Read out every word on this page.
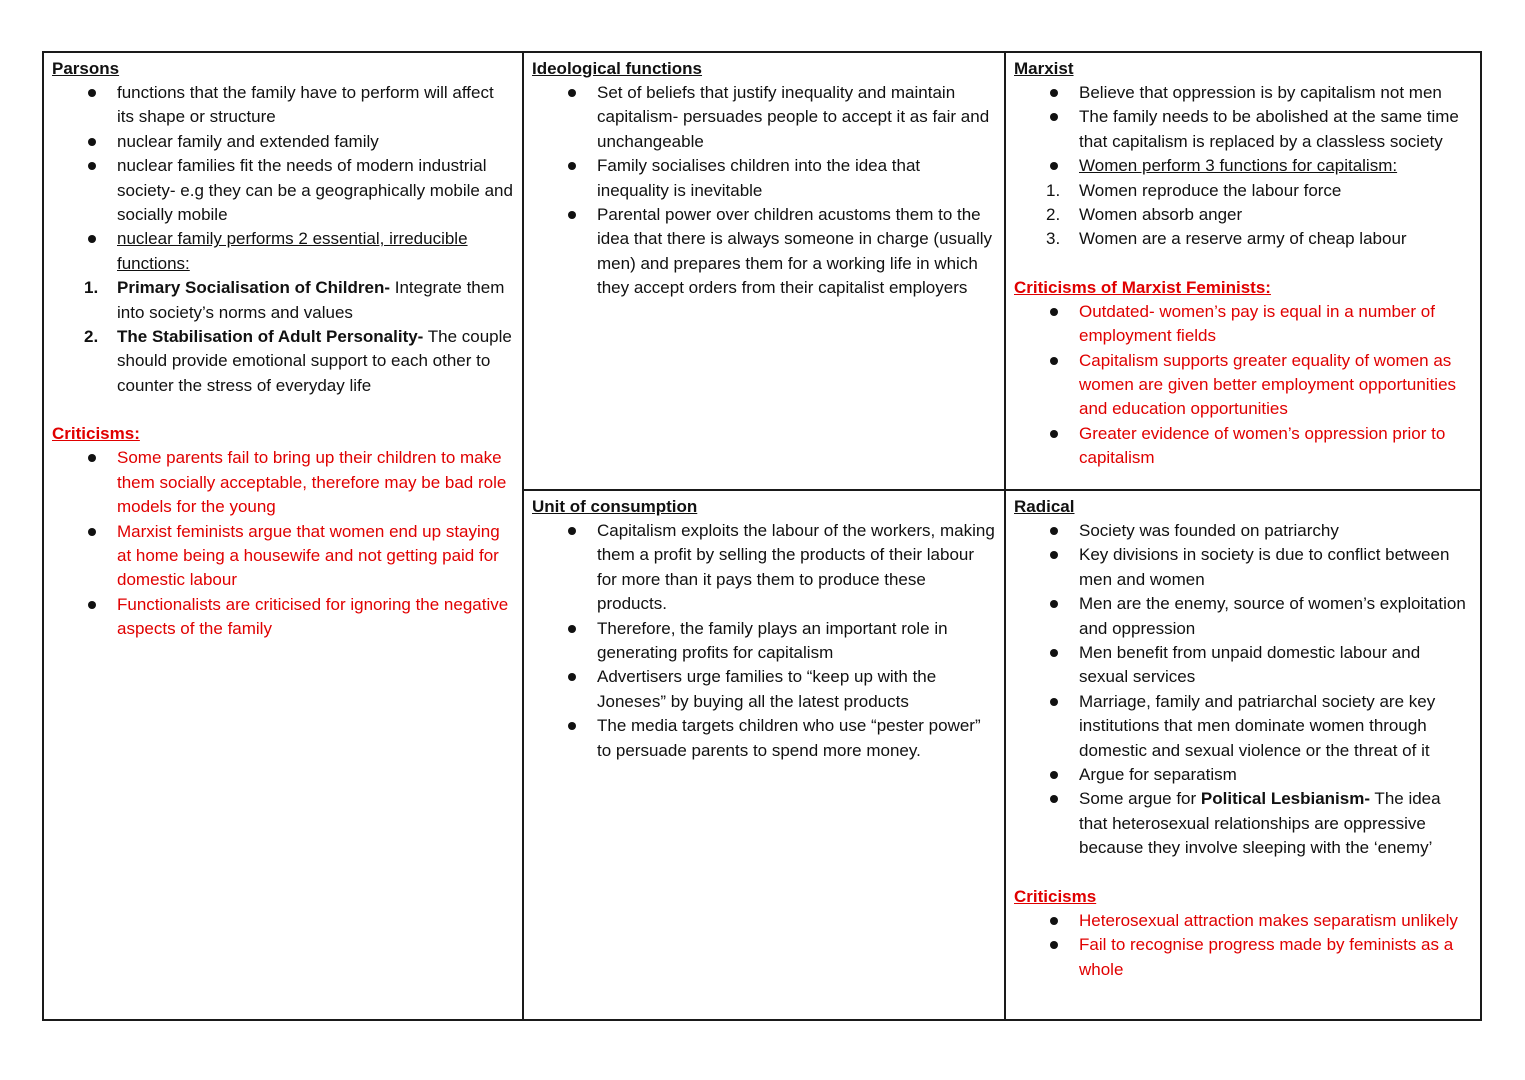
Parsons

functions that the family have to perform will affect its shape or structure
nuclear family and extended family
nuclear families fit the needs of modern industrial society- e.g they can be a geographically mobile and socially mobile
nuclear family performs 2 essential, irreducible functions:
1.	Primary Socialisation of Children- Integrate them into society’s norms and values
2.	The Stabilisation of Adult Personality- The couple should provide emotional support to each other to counter the stress of everyday life

Criticisms:

Some parents fail to bring up their children to make them socially acceptable, therefore may be bad role models for the young
Marxist feminists argue that women end up staying at home being a housewife and not getting paid for domestic labour
Functionalists are criticised for ignoring the negative aspects of the family

Ideological functions

Set of beliefs that justify inequality and maintain capitalism- persuades people to accept it as fair and unchangeable
Family socialises children into the idea that inequality is inevitable
Parental power over children acustoms them to the idea that there is always someone in charge (usually men) and prepares them for a working life in which they accept orders from their capitalist employers

Unit of consumption

Capitalism exploits the labour of the workers, making them a profit by selling the products of their labour for more than it pays them to produce these products.
Therefore, the family plays an important role in generating profits for capitalism
Advertisers urge families to “keep up with the Joneses” by buying all the latest products
The media targets children who use “pester power” to persuade parents to spend more money.

Marxist

Believe that oppression is by capitalism not men
The family needs to be abolished at the same time that capitalism is replaced by a classless society
Women perform 3 functions for capitalism:
1.	Women reproduce the labour force
2.	Women absorb anger
3.	Women are a reserve army of cheap labour

Criticisms of Marxist Feminists:

Outdated- women’s pay is equal in a number of employment fields
Capitalism supports greater equality of women as women are given better employment opportunities and education opportunities
Greater evidence of women’s oppression prior to capitalism

Radical

Society was founded on patriarchy
Key divisions in society is due to conflict between men and women
Men are the enemy, source of women’s exploitation and oppression
Men benefit from unpaid domestic labour and sexual services
Marriage, family and patriarchal society are key institutions that men dominate women through domestic and sexual violence or the threat of it
Argue for separatism
Some argue for Political Lesbianism- The idea that heterosexual relationships are oppressive because they involve sleeping with the ‘enemy’

Criticisms

Heterosexual attraction makes separatism unlikely
Fail to recognise progress made by feminists as a whole
